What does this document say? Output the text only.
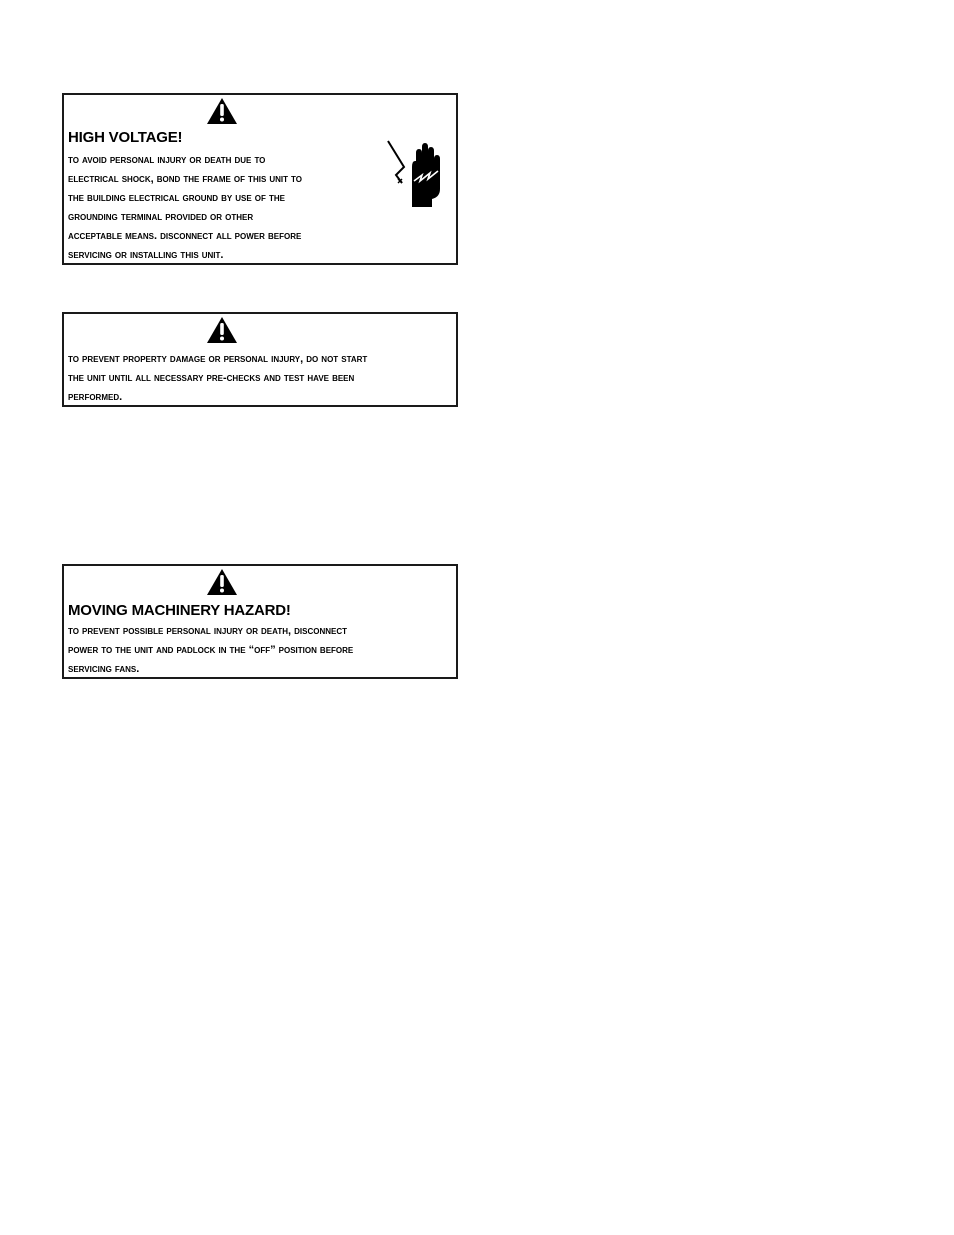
HIGH VOLTAGE!
to avoid personal injury or death due to
electrical shock, bond the frame of this unit to
the building electrical ground by use of the
grounding terminal provided or other
acceptable means. disconnect all power before
servicing or installing this unit.
to prevent property damage or personal injury, do not start
the unit until all necessary pre-checks and test have been
performed.
MOVING MACHINERY HAZARD!
to prevent possible personal injury or death, disconnect
power to the unit and padlock in the “off” position before
servicing fans.
